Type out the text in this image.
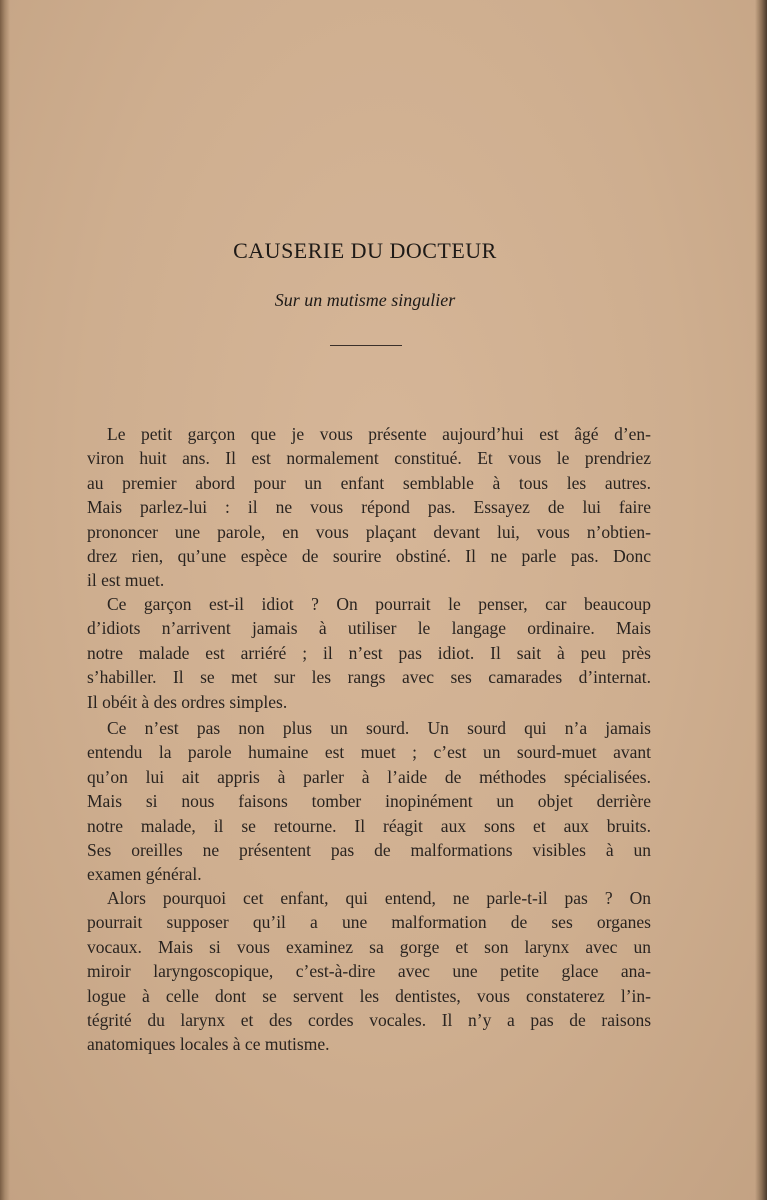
CAUSERIE DU DOCTEUR
Sur un mutisme singulier

Le petit garçon que je vous présente aujourd’hui est âgé d’en-
viron huit ans. Il est normalement constitué. Et vous le prendriez
au premier abord pour un enfant semblable à tous les autres.
Mais parlez-lui : il ne vous répond pas. Essayez de lui faire
prononcer une parole, en vous plaçant devant lui, vous n’obtien-
drez rien, qu’une espèce de sourire obstiné. Il ne parle pas. Donc
il est muet.

Ce garçon est-il idiot ? On pourrait le penser, car beaucoup
d’idiots n’arrivent jamais à utiliser le langage ordinaire. Mais
notre malade est arriéré ; il n’est pas idiot. Il sait à peu près
s’habiller. Il se met sur les rangs avec ses camarades d’internat.
Il obéit à des ordres simples.

Ce n’est pas non plus un sourd. Un sourd qui n’a jamais
entendu la parole humaine est muet ; c’est un sourd-muet avant
qu’on lui ait appris à parler à l’aide de méthodes spécialisées.
Mais si nous faisons tomber inopinément un objet derrière
notre malade, il se retourne. Il réagit aux sons et aux bruits.
Ses oreilles ne présentent pas de malformations visibles à un
examen général.

Alors pourquoi cet enfant, qui entend, ne parle-t-il pas ? On
pourrait supposer qu’il a une malformation de ses organes
vocaux. Mais si vous examinez sa gorge et son larynx avec un
miroir laryngoscopique, c’est-à-dire avec une petite glace ana-
logue à celle dont se servent les dentistes, vous constaterez l’in-
tégrité du larynx et des cordes vocales. Il n’y a pas de raisons
anatomiques locales à ce mutisme.
